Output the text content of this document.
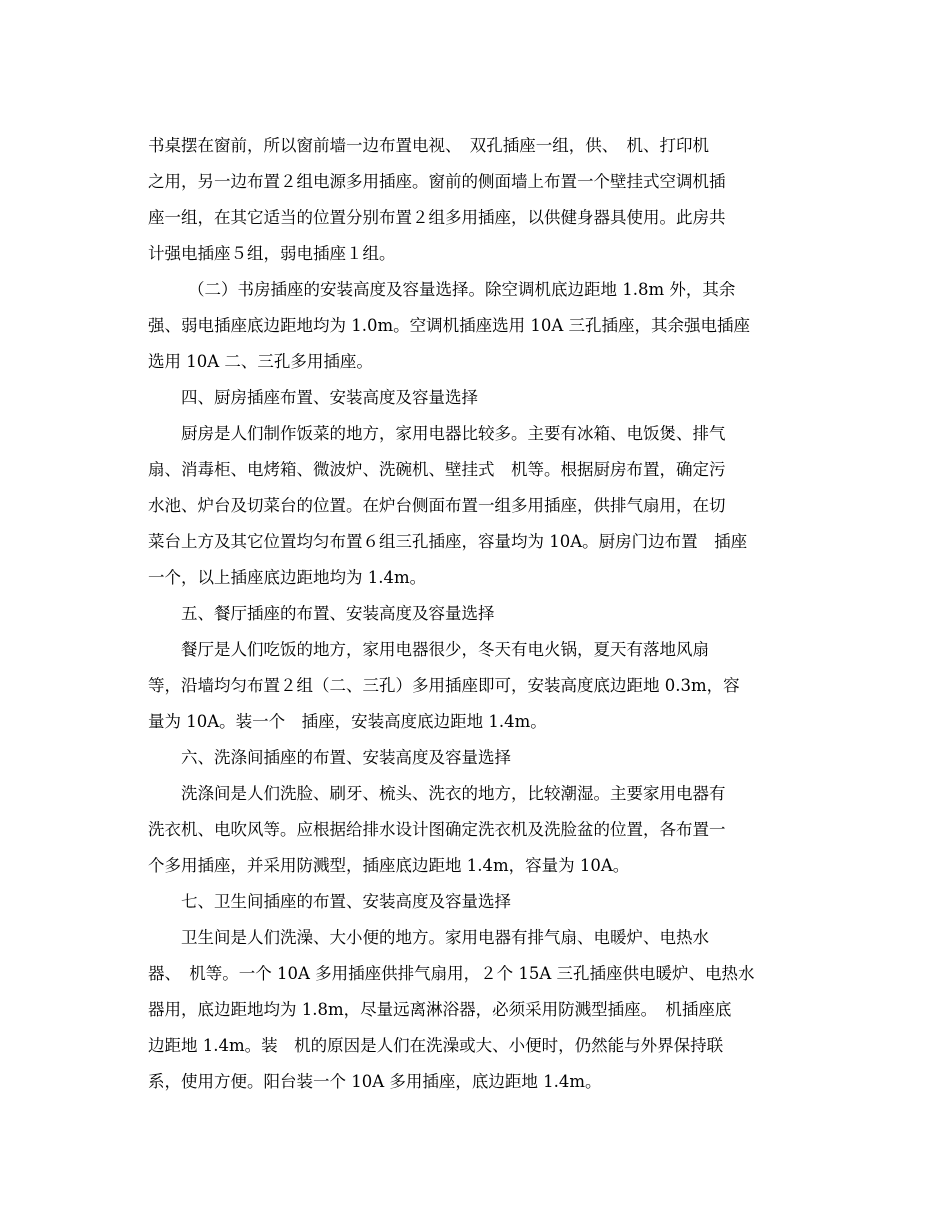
书桌摆在窗前，所以窗前墙一边布置电视、　双孔插座一组，供、　机、打印机
之用，另一边布置２组电源多用插座。窗前的侧面墙上布置一个壁挂式空调机插
座一组，在其它适当的位置分别布置２组多用插座，以供健身器具使用。此房共
计强电插座５组，弱电插座１组。

（二）书房插座的安装高度及容量选择。除空调机底边距地 1.8m 外，其余

强、弱电插座底边距地均为 1.0m。空调机插座选用 10A 三孔插座，其余强电插座
选用 10A 二、三孔多用插座。

四、厨房插座布置、安装高度及容量选择

厨房是人们制作饭菜的地方，家用电器比较多。主要有冰箱、电饭煲、排气

扇、消毒柜、电烤箱、微波炉、洗碗机、壁挂式　机等。根据厨房布置，确定污
水池、炉台及切菜台的位置。在炉台侧面布置一组多用插座，供排气扇用，在切
菜台上方及其它位置均匀布置６组三孔插座，容量均为 10A。厨房门边布置　插座
一个，以上插座底边距地均为 1.4m。

五、餐厅插座的布置、安装高度及容量选择

餐厅是人们吃饭的地方，家用电器很少，冬天有电火锅，夏天有落地风扇

等，沿墙均匀布置２组（二、三孔）多用插座即可，安装高度底边距地 0.3m，容
量为 10A。装一个　插座，安装高度底边距地 1.4m。

六、洗涤间插座的布置、安装高度及容量选择

洗涤间是人们洗脸、刷牙、梳头、洗衣的地方，比较潮湿。主要家用电器有

洗衣机、电吹风等。应根据给排水设计图确定洗衣机及洗脸盆的位置，各布置一
个多用插座，并采用防溅型，插座底边距地 1.4m，容量为 10A。

七、卫生间插座的布置、安装高度及容量选择

卫生间是人们洗澡、大小便的地方。家用电器有排气扇、电暖炉、电热水

器、　机等。一个 10A 多用插座供排气扇用，２个 15A 三孔插座供电暖炉、电热水
器用，底边距地均为 1.8m，尽量远离淋浴器，必须采用防溅型插座。　机插座底
边距地 1.4m。装　机的原因是人们在洗澡或大、小便时，仍然能与外界保持联
系，使用方便。阳台装一个 10A 多用插座，底边距地 1.4m。
